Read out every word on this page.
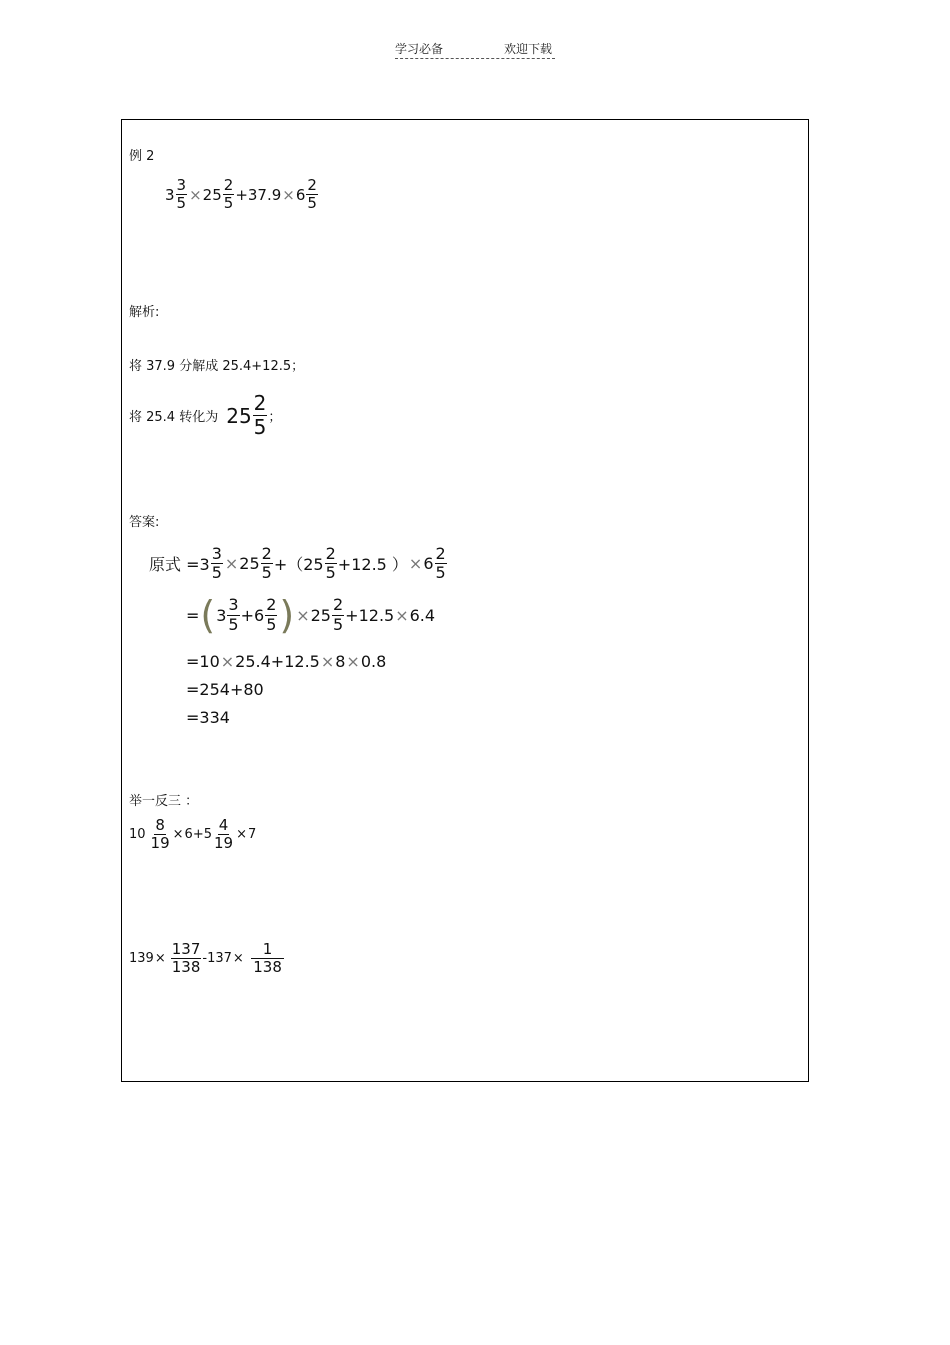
学习必备	欢迎下载
例 2
$3 \frac{3}{5} \times 25 \frac{2}{5} +37.9 \times 6 \frac{2}{5}$
解析:
将 37.9 分解成 25.4+12.5；
将 25.4 转化为 $25 \frac{2}{5}$ ；
答案:
原式 $=3 \frac{3}{5} \times 25 \frac{2}{5} +(25 \frac{2}{5} +12.5$ ） × $6 \frac{2}{5}$
= ( $3 \frac{3}{5} +6 \frac{2}{5}$ ) × $25 \frac{2}{5} +12.5 \times 6.4$
=10 × 25.4+12.5 × 8 × 0.8
=254+80
=334
举一反三 ：
$10 \frac{8}{19} \times 6+5 \frac{4}{19} \times 7$
$139 \times \frac{137}{138} -137 \times \frac{1}{138}$
